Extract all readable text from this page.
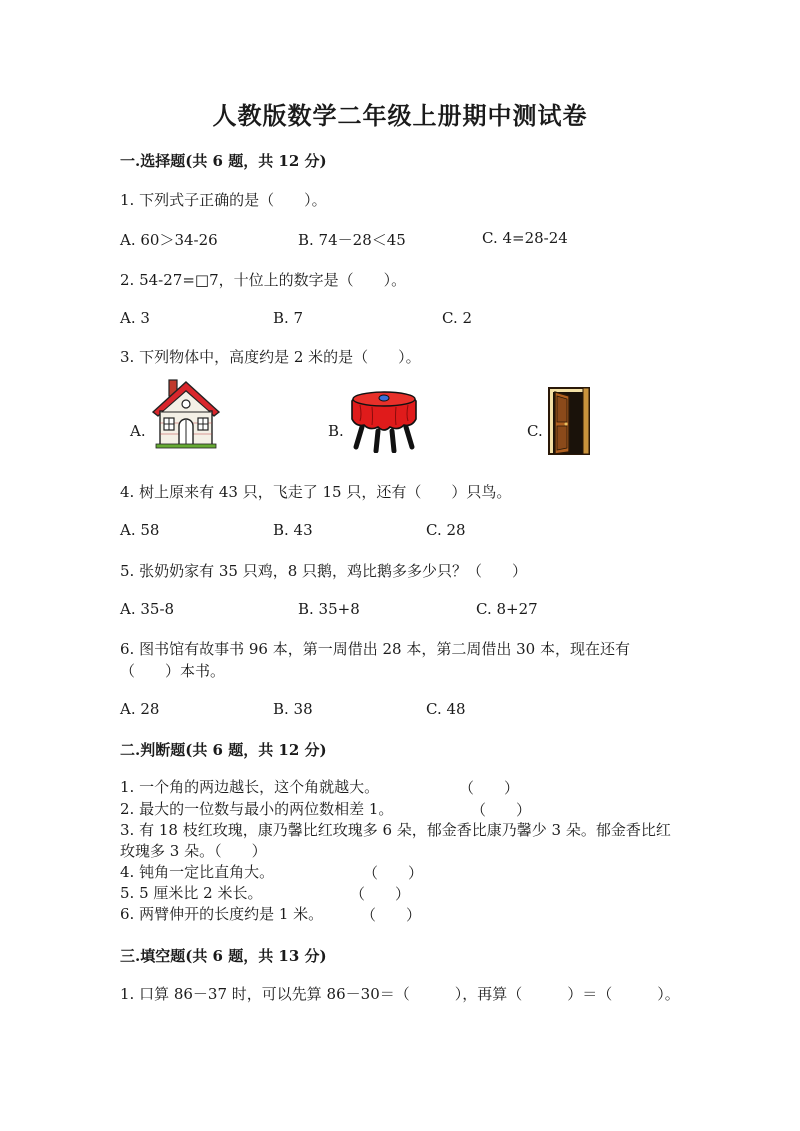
人教版数学二年级上册期中测试卷
一.选择题(共 6 题，共 12 分)
1. 下列式子正确的是（　　）。
A. 60＞34-26	B. 74－28＜45	C. 4=28-24
2. 54-27=□7，十位上的数字是（　　）。
A. 3	B. 7	C. 2
3. 下列物体中，高度约是 2 米的是（　　）。
A.	B.	C.
4. 树上原来有 43 只，飞走了 15 只，还有（　　）只鸟。
A. 58	B. 43	C. 28
5. 张奶奶家有 35 只鸡，8 只鹅，鸡比鹅多多少只？（　　）
A. 35-8	B. 35+8	C. 8+27
6. 图书馆有故事书 96 本，第一周借出 28 本，第二周借出 30 本，现在还有（　　）本书。
A. 28	B. 38	C. 48
二.判断题(共 6 题，共 12 分)
1. 一个角的两边越长，这个角就越大。	（　　）
2. 最大的一位数与最小的两位数相差 1。	（　　）
3. 有 18 枝红玫瑰，康乃馨比红玫瑰多 6 朵，郁金香比康乃馨少 3 朵。郁金香比红玫瑰多 3 朵。（　　）
4. 钝角一定比直角大。	（　　）
5. 5 厘米比 2 米长。	（　　）
6. 两臂伸开的长度约是 1 米。	（　　）
三.填空题(共 6 题，共 13 分)
1. 口算 86－37 时，可以先算 86－30＝（　　　），再算（　　　）＝（　　　）。
